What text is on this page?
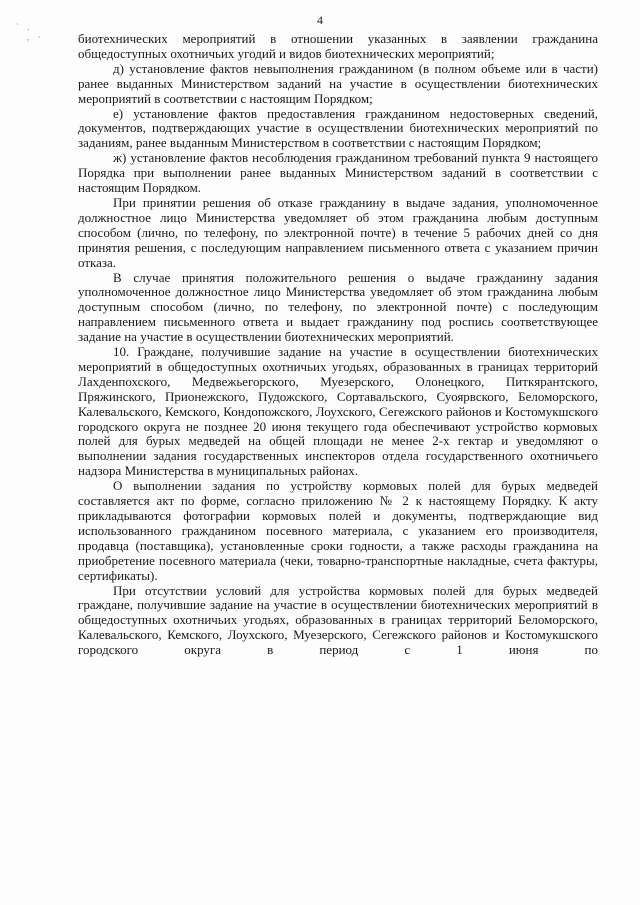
` .
‚ ·
4

биотехнических мероприятий в отношении указанных в заявлении гражданина общедоступных охотничьих угодий и видов биотехнических мероприятий;

д) установление фактов невыполнения гражданином (в полном объеме или в части) ранее выданных Министерством заданий на участие в осуществлении биотехнических мероприятий в соответствии с настоящим Порядком;

е) установление фактов предоставления гражданином недостоверных сведений, документов, подтверждающих участие в осуществлении биотехнических мероприятий по заданиям, ранее выданным Министерством в соответствии с настоящим Порядком;

ж) установление фактов несоблюдения гражданином требований пункта 9 настоящего Порядка при выполнении ранее выданных Министерством заданий в соответствии с настоящим Порядком.

При принятии решения об отказе гражданину в выдаче задания, уполномоченное должностное лицо Министерства уведомляет об этом гражданина любым доступным способом (лично, по телефону, по электронной почте) в течение 5 рабочих дней со дня принятия решения, с последующим направлением письменного ответа с указанием причин отказа.

В случае принятия положительного решения о выдаче гражданину задания уполномоченное должностное лицо Министерства уведомляет об этом гражданина любым доступным способом (лично, по телефону, по электронной почте) с последующим направлением письменного ответа и выдает гражданину под роспись соответствующее задание на участие в осуществлении биотехнических мероприятий.

10. Граждане, получившие задание на участие в осуществлении биотехнических мероприятий в общедоступных охотничьих угодьях, образованных в границах территорий Лахденпохского, Медвежьегорского, Муезерского, Олонецкого, Питкярантского, Пряжинского, Прионежского, Пудожского, Сортавальского, Суоярвского, Беломорского, Калевальского, Кемского, Кондопожского, Лоухского, Сегежского районов и Костомукшского городского округа не позднее 20 июня текущего года обеспечивают устройство кормовых полей для бурых медведей на общей площади не менее 2-х гектар и уведомляют о выполнении задания государственных инспекторов отдела государственного охотничьего надзора Министерства в муниципальных районах.

О выполнении задания по устройству кормовых полей для бурых медведей составляется акт по форме, согласно приложению № 2 к настоящему Порядку. К акту прикладываются фотографии кормовых полей и документы, подтверждающие вид использованного гражданином посевного материала, с указанием его производителя, продавца (поставщика), установленные сроки годности, а также расходы гражданина на приобретение посевного материала (чеки, товарно-транспортные накладные, счета фактуры, сертификаты).

При отсутствии условий для устройства кормовых полей для бурых медведей граждане, получившие задание на участие в осуществлении биотехнических мероприятий в общедоступных охотничьих угодьях, образованных в границах территорий Беломорского, Калевальского, Кемского, Лоухского, Муезерского, Сегежского районов и Костомукшского городского округа в период с 1 июня по
